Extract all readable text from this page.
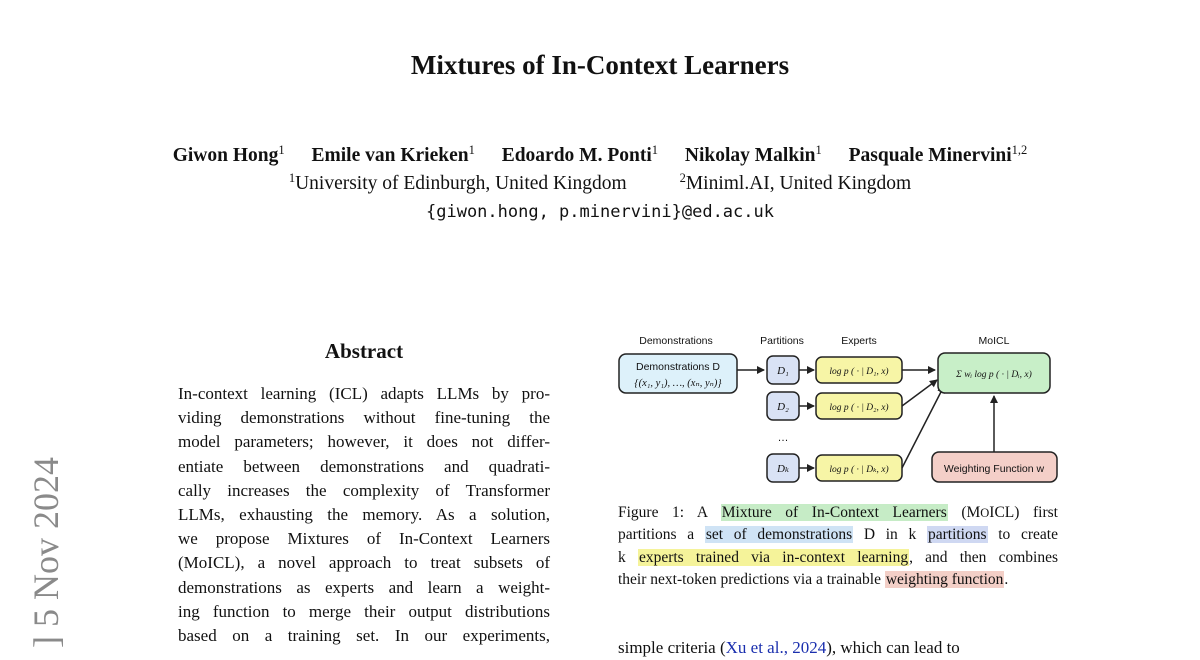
Mixtures of In-Context Learners
Giwon Hong$^1$ Emile van Krieken$^1$ Edoardo M. Ponti$^1$ Nikolay Malkin$^1$ Pasquale Minervini$^{1,2}$
$^1$University of Edinburgh, United Kingdom	$^2$Miniml.AI, United Kingdom
{giwon.hong, p.minervini}@ed.ac.uk
] 5 Nov 2024
Abstract
In-context learning (ICL) adapts LLMs by pro-
viding demonstrations without fine-tuning the
model parameters; however, it does not differ-
entiate between demonstrations and quadrati-
cally increases the complexity of Transformer
LLMs, exhausting the memory. As a solution,
we propose Mixtures of In-Context Learners
(MoICL), a novel approach to treat subsets of
demonstrations as experts and learn a weight-
ing function to merge their output distributions
based on a training set. In our experiments,
Demonstrations	Partitions	Experts	MoICL
Demonstrations D
{(x₁, y₁), …, (xₙ, yₙ)}
D₁
D₂
…
Dₖ
log p ( · | D₁, x)
log p ( · | D₂, x)
log p ( · | Dₖ, x)
Σ wᵢ log p ( · | Dᵢ, x)
Weighting Function w
Figure 1: A Mixture of In-Context Learners (MOICL) first
partitions a set of demonstrations D in k partitions to create
k experts trained via in-context learning, and then combines
their next-token predictions via a trainable weighting function.
simple criteria (Xu et al., 2024), which can lead to
